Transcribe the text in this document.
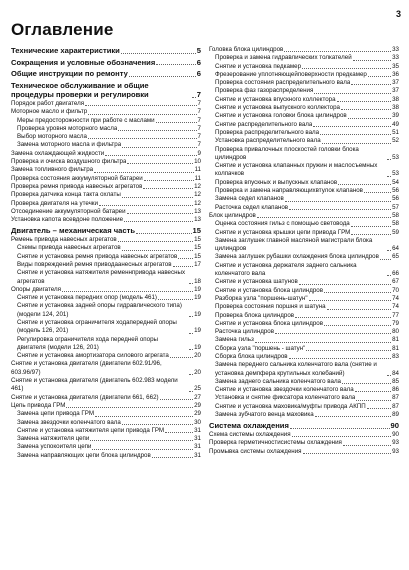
3
Оглавление
Технические характеристики	5
Сокращения и условные обозначения	6
Общие инструкции по ремонту	6
Техническое обслуживание и общие процедуры проверки и регулировки	7
Порядок работ двигателя	7
Моторное масло и фильтр	7
Меры предосторожности при работе с маслами	7
Проверка уровня моторного масла	7
Выбор моторного масла	7
Замена моторного масла и фильтра	7
Замена охлаждающей жидкости	9
Проверка и очиска воздушного фильтра	10
Замена топливного фильтра	11
Проверка состояния аккумуляторной батареи	11
Проверка ремня привода навесных агрегатов	12
Проверка датчика конца такта охлаты	12
Проверка двигателя на утечки	12
Отсоединение аккумуляторной батареи	13
Установка капота всевдоне положение	13
Двигатель – механическая часть	15
Ремень привода навесных агрегатов	15
Схемы привода навесных агрегатов	15
Снятие и установка ремня привода навесных агрегатов	15
Виды повреждений ремня приводаанесных агрегатов	17
Снятие и установка натяжителя ременнпривода навесных агрегатов	18
Опоры двигателя	19
Снятие и установка передних опор (модель 461)	19
Снятие и установка задней опоры гидравлического типа) (модели 124, 201)	19
Снятие и установка ограничителя ходапередней опоры (модель 126, 201)	19
Регулировка ограничителя хода передней опоры двигателя (модели 126, 201)	19
Снятие и установка амортизатора силового агрегата	20
Снятие и установка двигателя (двигатели 602.91/96, 603.96/97)	20
Снятие и установка двигателя (двигатель 602.983 модели 461)	25
Снятие и установка двигателя (двигатели 661, 662)	27
Цепь привода ГРМ	29
Замена цепи привода ГРМ	29
Замена звездочки коленчатого вала	30
Снятие и установка натяжителя цепи привода ГРМ	31
Замена натяжителя цепи	31
Замена успокоителя цепи	31
Замена направляющих цепи блока цилиндров	31
Головка блока цилиндров	33
Проверка и замена гидравлических толкателей	33
Снятие и установка педкамер	35
Фрезерование уплотняющейповерхности предкамер	36
Проверка состояния распределительного вала	37
Проверка фаз газораспределения	37
Снятие и установка впускного коллектора	38
Снятие и установка выпускного коллектора	38
Снятие и установка головки блока цилиндров	39
Снятие распределительного вала	49
Проверка распределительного вала	51
Установка распределительного вала	52
Проверка привалочных плоскостей головки блока цилиндров	53
Снятие и установка клапанных пружин и маслосъемных колпачков	53
Проверка впускных и выпускных клапанов	54
Проверка и замена направляющихвтулок клапанов	56
Замена седел клапанов	56
Расточка седел клапанов	57
Блок цилиндров	58
Оценка состояния гильз с помощью световода	58
Снятие и установка крышки цепи привода ГРМ	59
Замена заглушек главной масляной магистрали блока цилиндров	64
Замена заглушек рубашки охлаждения блока цилиндров 65
Снятие и установка держателя заднего сальника коленчатого вала	66
Снятие и установка шатунов	67
Снятие и установка блока цилиндров	70
Разборка узла "поршень-шатун"	74
Проверка состояния поршня и шатуна	74
Проверка блока цилиндров	77
Снятие и установка блока цилиндров	79
Расточка цилиндров	80
Замена гильз	81
Сборка узла "поршень - шатун"	81
Сборка блока цилиндров	83
Замена переднего сальника коленчатого вала (снятие и установка демпфера крутильных колебаний)	84
Замена заднего сальника коленчатого вала	85
Снятие и установка звездочки коленчатого вала	86
Установка и снятие фиксатора коленчатого вала	87
Снятие и установка маховика/муфты привода АКПП	87
Замена зубчатого венца маховика	89
Система охлаждения	90
Схема системы охлаждения	90
Проверка герметичностисистемы охлаждения	93
Промывка системы охлаждения	93
